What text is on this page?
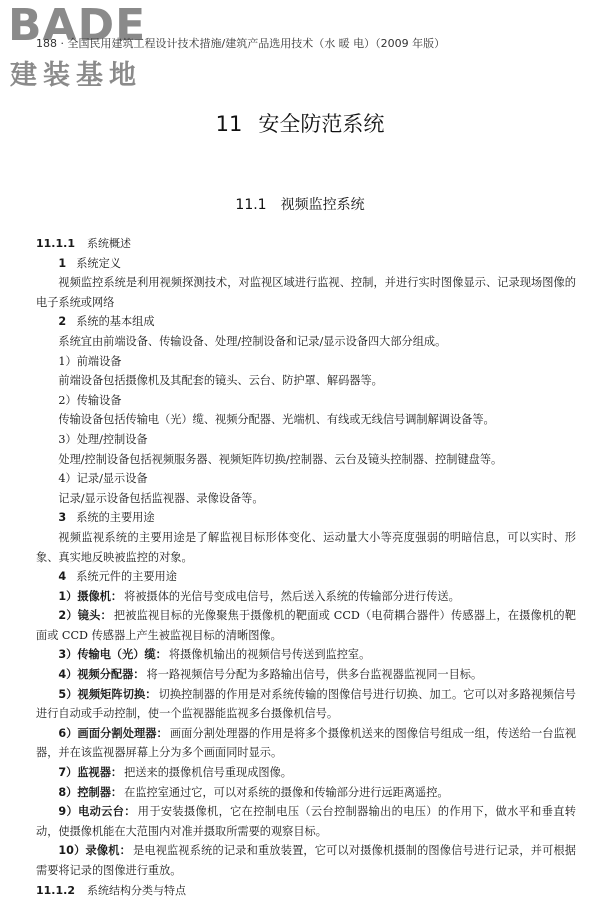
BADE
建装基地
188 · 全国民用建筑工程设计技术措施/建筑产品选用技术（水 暖 电）（2009 年版）
11 安全防范系统
11.1 视频监控系统

11.1.1 系统概述

1 系统定义

视频监控系统是利用视频探测技术，对监视区域进行监视、控制，并进行实时图像显示、记录现场图像的电子系统或网络

2 系统的基本组成

系统宜由前端设备、传输设备、处理/控制设备和记录/显示设备四大部分组成。

1）前端设备

前端设备包括摄像机及其配套的镜头、云台、防护罩、解码器等。

2）传输设备

传输设备包括传输电（光）缆、视频分配器、光端机、有线或无线信号调制解调设备等。

3）处理/控制设备

处理/控制设备包括视频服务器、视频矩阵切换/控制器、云台及镜头控制器、控制键盘等。

4）记录/显示设备

记录/显示设备包括监视器、录像设备等。

3 系统的主要用途

视频监视系统的主要用途是了解监视目标形体变化、运动量大小等亮度强弱的明暗信息，可以实时、形象、真实地反映被监控的对象。

4 系统元件的主要用途

1）摄像机： 将被摄体的光信号变成电信号，然后送入系统的传输部分进行传送。

2）镜头： 把被监视目标的光像聚焦于摄像机的靶面或 CCD（电荷耦合器件）传感器上，在摄像机的靶面或 CCD 传感器上产生被监视目标的清晰图像。

3）传输电（光）缆： 将摄像机输出的视频信号传送到监控室。

4）视频分配器： 将一路视频信号分配为多路输出信号，供多台监视器监视同一目标。

5）视频矩阵切换： 切换控制器的作用是对系统传输的图像信号进行切换、加工。它可以对多路视频信号进行自动或手动控制，使一个监视器能监视多台摄像机信号。

6）画面分割处理器： 画面分割处理器的作用是将多个摄像机送来的图像信号组成一组，传送给一台监视器，并在该监视器屏幕上分为多个画面同时显示。

7）监视器： 把送来的摄像机信号重现成图像。

8）控制器： 在监控室通过它，可以对系统的摄像和传输部分进行远距离遥控。

9）电动云台： 用于安装摄像机，它在控制电压（云台控制器输出的电压）的作用下，做水平和垂直转动，使摄像机能在大范围内对准并摄取所需要的观察目标。

10）录像机： 是电视监视系统的记录和重放装置，它可以对摄像机摄制的图像信号进行记录，并可根据需要将记录的图像进行重放。

11.1.2 系统结构分类与特点
